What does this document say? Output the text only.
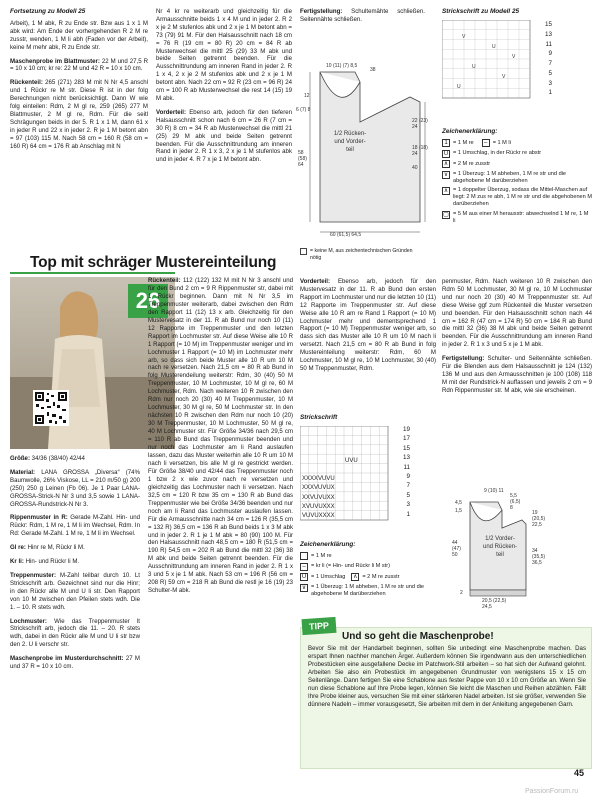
Fortsetzung zu Modell 25

Arbeit), 1 M abk, R zu Ende str. Bzw aus 1 x 1 M abk wird: Am Ende der vorhergehenden R 2 M re zusstr, wenden, 1 M li abh (Faden vor der Arbeit), keine M mehr abk, R zu Ende str.

Maschenprobe im Blattmuster: 22 M und 27,5 R = 10 x 10 cm; kr re: 22 M und 42 R = 10 x 10 cm.

Rückenteil: 265 (271) 283 M mit N Nr 4,5 anschl und 1 Rückr re M str. Diese R ist in der folg Berechnungen nicht berücksichtigt. Dann W wie folg einteilen: Rdm, 2 M gl re, 259 (265) 277 M Blattmuster, 2 M gl re, Rdm. Für die seitl Schrägungen beids in der 5. R 1 x 1 M, dann 61 x in jeder R und 22 x in jeder 2. R je 1 M betont abn = 97 (103) 115 M. Nach 58 cm = 160 R (58 cm = 160 R) 64 cm = 176 R ab Anschlag mit N

Nr 4 kr re weiterarb und gleichzeitig für die Armausschnitte beids 1 x 4 M und in jeder 2. R 2 x je 2 M stufenlos abk und 2 x je 1 M betont abn = 73 (79) 91 M. Für den Halsausschnitt nach 18 cm = 76 R (19 cm = 80 R) 20 cm = 84 R ab Musterwechsel die mittl 25 (29) 33 M abk und beide Seiten getrennt beenden. Für die Ausschnittrundung am inneren Rand in jeder 2. R 1 x 4, 2 x je 2 M stufenlos abk und 2 x je 1 M betont abn. Nach 22 cm = 92 R (23 cm = 96 R) 24 cm = 100 R ab Musterwechsel die rest 14 (15) 19 M abk.

Vorderteil: Ebenso arb, jedoch für den tieferen Halsausschnitt schon nach 6 cm = 26 R (7 cm = 30 R) 8 cm = 34 R ab Musterwechsel die mittl 21 (25) 29 M abk und beide Seiten getrennt beenden. Für die Ausschnittrundung am inneren Rand in jeder 2. R 1 x 3, 2 x je 1 M stufenlos abk und in jeder 4. R 7 x je 1 M betont abn.

Fertigstellung: Schultemähte schließen. Seitennähte schließen.

1/2 Rücken- und Vorder- teil
10 (11) (7) 8,5
38
12
6 (7) 8
22 (23) 24
18 (18) 24
58 (58) 64	40
60 (61,5) 64,5
= keine M, aus zeichentechnischen Gründen nötig
Strickschrift zu Modell 25
V
U
U
V
U
V
15
13
11
9
7
5
3
1
Zeichenerklärung:
1 = 1 M re	– = 1 M li
U = 1 Umschlag, in der Rückr re abstr
∧ = 2 M re zusstr
∨ = 1 Überzug: 1 M abheben, 1 M re str und die abgehobene M darüberziehen
∧ = 1 doppelter Überzug, sodass die Mittel-Maschen auf liegt: 2 M zus re abh, 1 M re str und die abgehobenen M darüberziehen
▢ = 5 M aus einer M herausstr: abwechselnd 1 M re, 1 M li
Top mit schräger Mustereinteilung
26

Größe: 34/36 (38/40) 42/44

Material: LANA GROSSA „Diversa“ (74% Baumwolle, 26% Viskose, LL = 210 m/50 g) 200 (250) 250 g Leinen (Fb 06). Je 1 Paar LANA-GROSSA-Strick-N Nr 3 und 3,5 sowie 1 LANA-GROSSA-Rundstrick-N Nr 3.

Rippenmuster in R: Gerade M-Zahl. Hin- und Rückr: Rdm, 1 M re, 1 M li im Wechsel, Rdm. In Rd: Gerade M-Zahl. 1 M re, 1 M li im Wechsel.

Gl re: Hinr re M, Rückr li M.

Kr li: Hin- und Rückr li M.

Treppenmuster: M-Zahl teilbar durch 10. Lt Strickschrift arb. Gezeichnet sind nur die Hinr; in den Rückr alle M und U li str. Den Rapport von 10 M zwischen den Pfeilen stets wdh. Die 1. – 10. R stets wdh.

Lochmuster: Wie das Treppenmuster lt Strickschrift arb, jedoch die 11. – 20. R stets wdh, dabei in den Rückr alle M und U li str bzw den 2. U li verschr str.

Maschenprobe im Musterdurchschnitt: 27 M und 37 R = 10 x 10 cm.

Rückenteil: 112 (122) 132 M mit N Nr 3 anschl und für den Bund 2 cm = 9 R Rippenmuster str, dabei mit 1 Rückr beginnen. Dann mit N Nr 3,5 im Treppenmuster weiterarb, dabei zwischen den Rdm den Rapport 11 (12) 13 x arb. Gleichzeitig für den Mustervesatz in der 11. R ab Bund nur noch 10 (11) 12 Rapporte im Treppenmuster und den letzten Rapport im Lochmuster str. Auf diese Weise alle 10 R 1 Rapport (= 10 M) im Treppenmuster weniger und im Lochmuster 1 Rapport (= 10 M) im Lochmuster mehr arb, so dass sich beide Muster alle 10 R um 10 M nach re versetzen. Nach 21,5 cm = 80 R ab Bund in folg Musterendeilung weiterstr: Rdm, 30 (40) 50 M Treppenmuster, 10 M Lochmuster, 10 M gl re, 60 M Lochmuster, Rdm. Nach weiteren 10 R zwischen den Rdm nur noch 20 (30) 40 M Treppenmuster, 10 M Lochmuster, 30 M gl re, 50 M Lochmuster str. In den nächsten 10 R zwischen den Rdm nur noch 10 (20) 30 M Treppenmuster, 10 M Lochmuster, 50 M gl re, 40 M Lochmuster str. Für Größe 34/36 nach 29,5 cm = 110 R ab Bund das Treppenmuster beenden und nur noch das Lochmuster am li Rand auslaufen lassen, dazu das Muster weiterhin alle 10 R um 10 M nach li versetzen, bis alle M gl re gestrickt werden. Für Größe 38/40 und 42/44 das Treppenmuster noch 1 bzw 2 x wie zuvor nach re versetzen und gleichzeitig das Lochmuster nach li versetzen. Nach 32,5 cm = 120 R bzw 35 cm = 130 R ab Bund das Treppenmuster wie bei Größe 34/36 beenden und nur noch am li Rand das Lochmuster auslaufen lassen. Für die Armausschnitte nach 34 cm = 126 R (35,5 cm = 132 R) 36,5 cm = 136 R ab Bund beids 1 x 3 M abk und in jeder 2. R 1 je 1 M abk = 80 (90) 100 M. Für den Halsausschnitt nach 48,5 cm = 180 R (51,5 cm = 190 R) 54,5 cm = 202 R ab Bund die mittl 32 (36) 38 M abk und beide Seiten getrennt beenden. Für die Ausschnittrundung am inneren Rand in jeder 2. R 1 x 3 und 5 x je 1 M abk. Nach 53 cm = 196 R (56 cm = 208 R) 59 cm = 218 R ab Bund die restl je 16 (19) 23 Schulter-M abk.

Vorderteil: Ebenso arb, jedoch für den Mustervesatz in der 11. R ab Bund den ersten Rapport im Lochmuster und nur die letzten 10 (11) 12 Rapporte im Treppenmuster str. Auf diese Weise alle 10 R am re Rand 1 Rapport (= 10 M) Lochmuster mehr und dementsprechend 1 Rapport (= 10 M) Treppenmuster weniger arb, so dass sich das Muster alle 10 R um 10 M nach li versetzt. Nach 21,5 cm = 80 R ab Bund in folg Mustereinteilung weiterstr: Rdm, 60 M Lochmuster, 10 M gl re, 10 M Lochmuster, 30 (40) 50 M Treppenmuster, Rdm.

Strickschrift
UVU
XXXXVUVU
XXXVUVUX
XXVUVUXX
XVUVUXXX
VUVUXXXX
19
17
15
13
11
9
7
5
3
1
Zeichenerklärung:
= 1 M re
– = kr li (= Hin- und Rückr li M str)
U = 1 Umschlag ∧ = 2 M re zusstr
∨ = 1 Überzug: 1 M abheben, 1 M re str und die abgehobene M darüberziehen

penmuster, Rdm. Nach weiteren 10 R zwischen den Rdm 50 M Lochmuster, 30 M gl re, 10 M Lochmuster und nur noch 20 (30) 40 M Treppenmuster str. Auf diese Weise ggf zum Rückenteil die Muster versetzen und beenden. Für den Halsausschnitt schon nach 44 cm = 162 R (47 cm = 174 R) 50 cm = 184 R ab Bund die mittl 32 (36) 38 M abk und beide Seiten getrennt beenden. Für die Ausschnittrundung am inneren Rand in jeder 2. R 1 x 3 und 5 x je 1 M abk.

Fertigstellung: Schulter- und Seitennähte schließen. Für die Blenden aus dem Halsausschnitt je 124 (132) 136 M und aus den Armausschnitten je 100 (108) 118 M mit der Rundstrick-N auffassen und jeweils 2 cm = 9 Rdn Rippenmuster str. M abk, wie sie erscheinen.

1/2 Vorder- und Rücken- teil
9 (10) 11
5,5 (6,5) 8
19 (20,5) 22,5
34 (35,5) 36,5
44 (47) 50
4,5
20,5 (22,5) 24,5
2
1,5
TIPP
Und so geht die Maschenprobe!
Bevor Sie mit der Handarbeit beginnen, sollten Sie unbedingt eine Maschenprobe machen. Das erspart Ihnen nachher manchen Ärger. Außerdem können Sie irgendwann aus den unterschiedlichen Probestücken eine ausgefallene Decke im Patchwork-Stil arbeiten – so hat sich der Aufwand gelohnt. Arbeiten Sie also ein Probestück im angegebenen Grundmuster von wenigstens 15 x 15 cm Seitenlänge. Dann fertigen Sie eine Schablone aus fester Pappe von 10 x 10 cm Größe an. Wenn Sie nun diese Schablone auf Ihre Probe legen, können Sie leicht die Maschen und Reihen abzählen. Fällt Ihre Probe kleiner aus, versuchen Sie mit einer stärkeren Nadel arbeiten. Ist sie größer, verwenden Sie dünnere Nadeln – immer vorausgesetzt, Sie arbeiten mit dem in der Anleitung angegebenen Garn.
45
PassionForum.ru
